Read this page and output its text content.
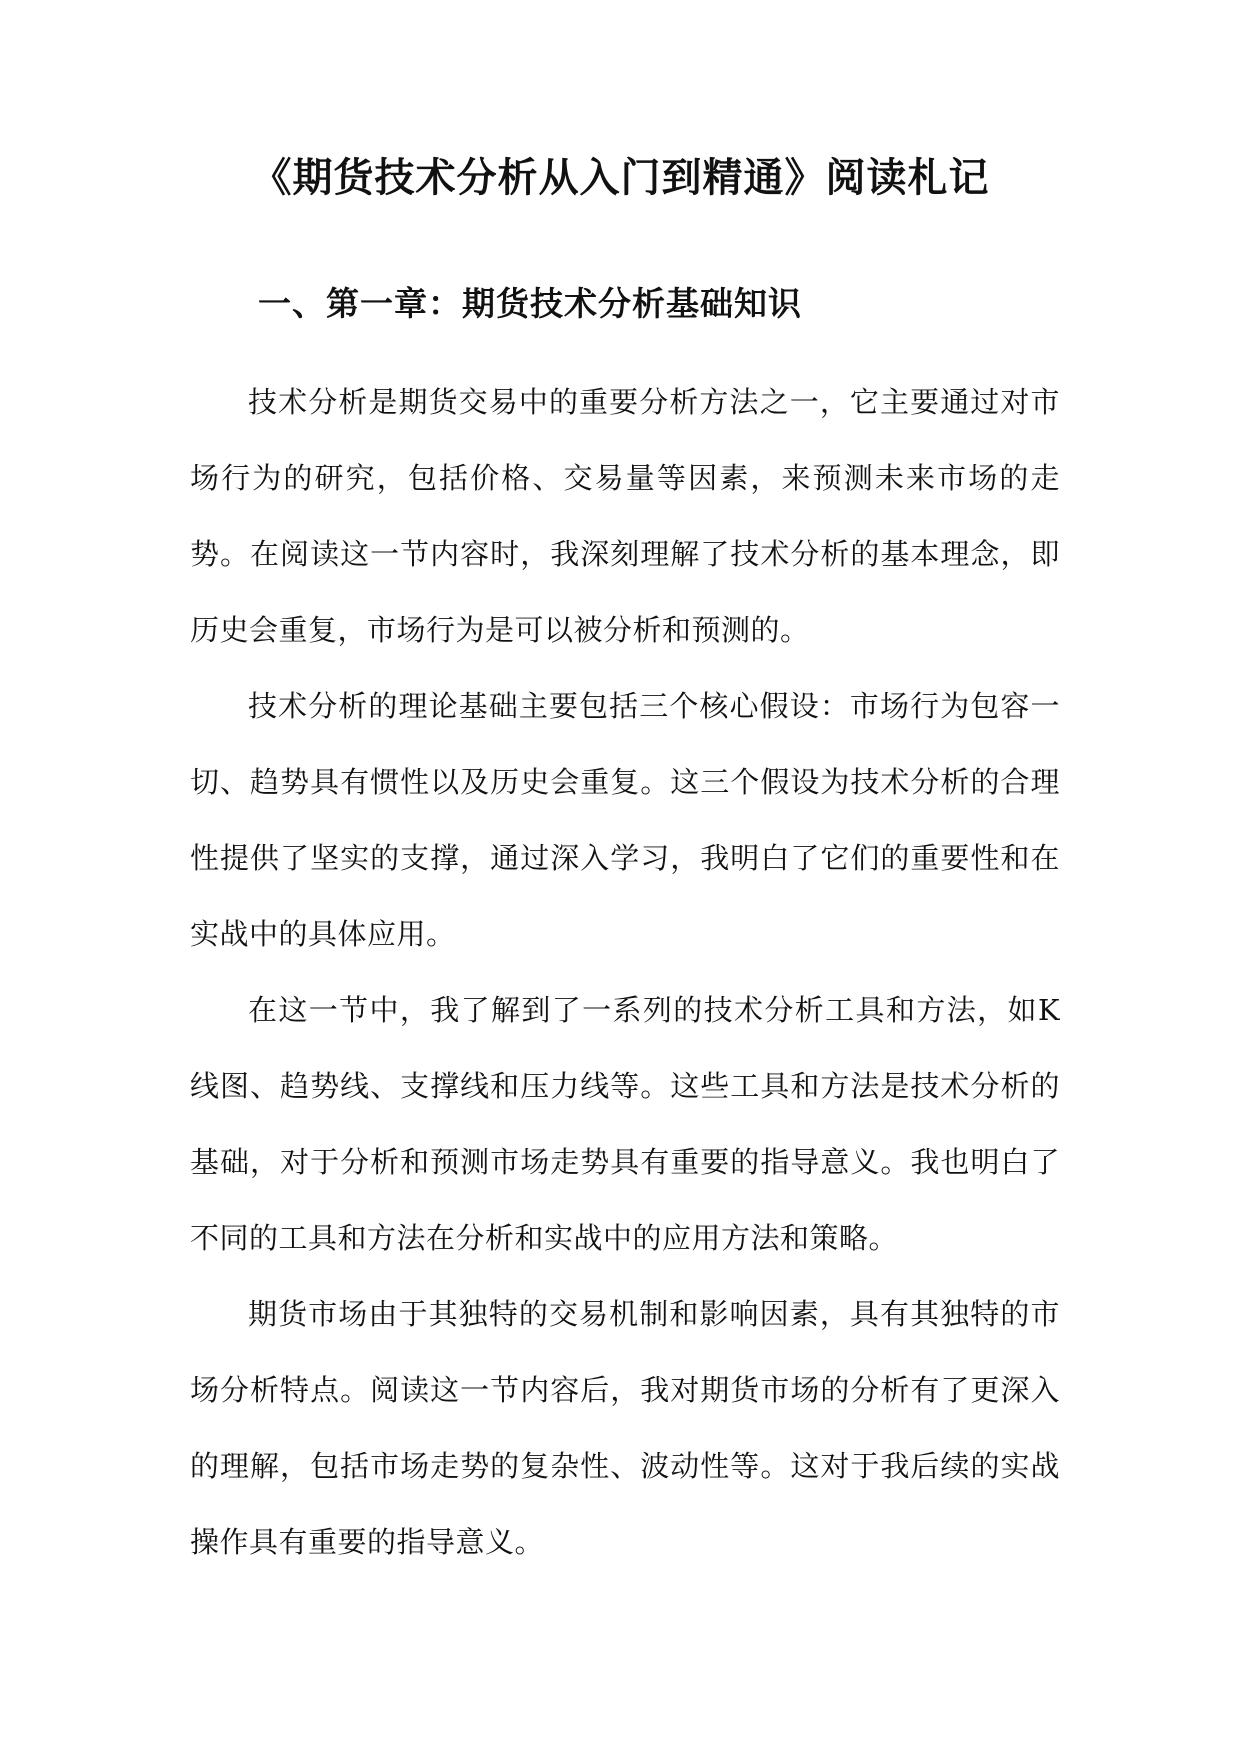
《期货技术分析从入门到精通》阅读札记
一、第一章：期货技术分析基础知识

技术分析是期货交易中的重要分析方法之一，它主要通过对市场行为的研究，包括价格、交易量等因素，来预测未来市场的走势。在阅读这一节内容时，我深刻理解了技术分析的基本理念，即历史会重复，市场行为是可以被分析和预测的。

技术分析的理论基础主要包括三个核心假设：市场行为包容一切、趋势具有惯性以及历史会重复。这三个假设为技术分析的合理性提供了坚实的支撑，通过深入学习，我明白了它们的重要性和在实战中的具体应用。

在这一节中，我了解到了一系列的技术分析工具和方法，如K线图、趋势线、支撑线和压力线等。这些工具和方法是技术分析的基础，对于分析和预测市场走势具有重要的指导意义。我也明白了不同的工具和方法在分析和实战中的应用方法和策略。

期货市场由于其独特的交易机制和影响因素，具有其独特的市场分析特点。阅读这一节内容后，我对期货市场的分析有了更深入的理解，包括市场走势的复杂性、波动性等。这对于我后续的实战操作具有重要的指导意义。
